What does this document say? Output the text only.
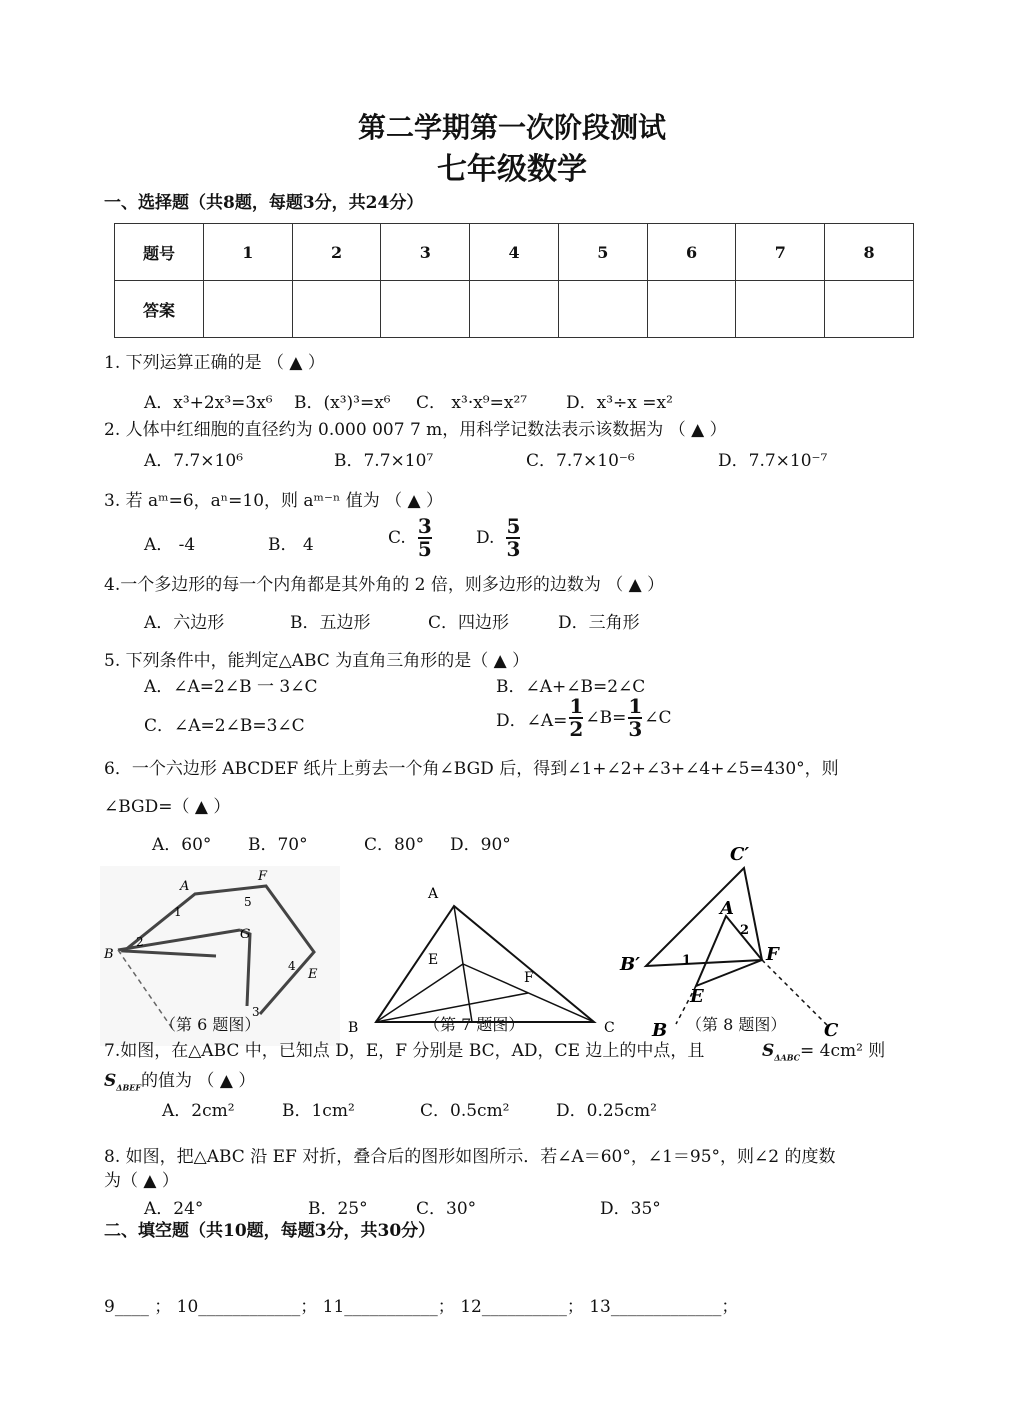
第二学期第一次阶段测试
七年级数学
一、选择题（共8题，每题3分，共24分）
题号	1	2	3	4	5	6	7	8
答案								
1. 下列运算正确的是 （ ▲ ）
A．x³+2x³=3x⁶ B．(x³)³=x⁶ C． x³·x⁹=x²⁷ D．x³÷x =x²
2. 人体中红细胞的直径约为 0.000 007 7 m，用科学记数法表示该数据为 （ ▲ ）
A．7.7×10⁶	B．7.7×10⁷	C．7.7×10⁻⁶	D．7.7×10⁻⁷
3. 若 aᵐ=6，aⁿ=10，则 aᵐ⁻ⁿ 值为 （ ▲ ）
A． -4	B． 4	C. $\frac{3}{5}$	D. $\frac{5}{3}$
4.一个多边形的每一个内角都是其外角的 2 倍，则多边形的边数为 （ ▲ ）
A．六边形	B．五边形	C．四边形	D．三角形
5. 下列条件中，能判定△ABC 为直角三角形的是（ ▲ ）
A．∠A=2∠B 一 3∠C	B．∠A+∠B=2∠C
C．∠A=2∠B=3∠C	D．∠A= $\frac{1}{2}$ ∠B= $\frac{1}{3}$ ∠C
6．一个六边形 ABCDEF 纸片上剪去一个角∠BGD 后，得到∠1+∠2+∠3+∠4+∠5=430°，则
∠BGD=（ ▲ ）
A．60° B．70°	C．80° D．90°
A
F
B
G
E
1
2
4
5
3
（第 6 题图）
A
E
F
B	C
（第 7 题图）
C′
A
2
B′	1	F
E
B	C
（第 8 题图）
7.如图，在△ABC 中，已知点 D，E，F 分别是 BC，AD，CE 边上的中点，且	$S_{\Delta ABC}= 4cm^2$ 则
$S_{\Delta BEF}$的值为 （ ▲ ）
A．2cm²	B．1cm²	C．0.5cm²	D．0.25cm²
8. 如图，把△ABC 沿 EF 对折，叠合后的图形如图所示．若∠A＝60°，∠1＝95°，则∠2 的度数
为（ ▲ ）
A．24°	B．25°	C．30°	D．35°
二、填空题（共10题，每题3分，共30分）
9____ ； 10____________； 11___________； 12__________； 13_____________；
